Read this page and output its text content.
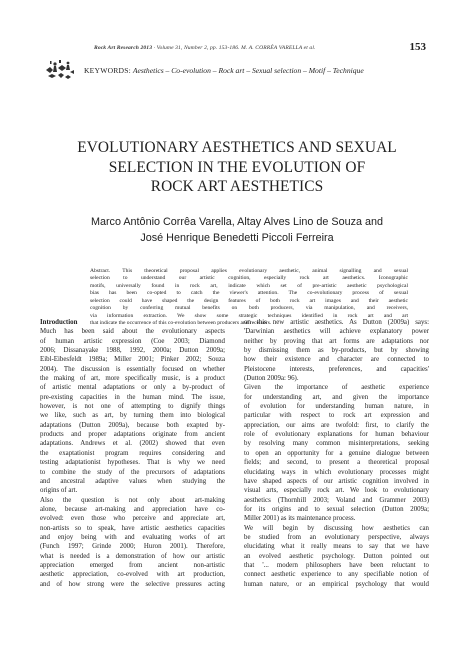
Rock Art Research 2013 · Volume 31, Number 2, pp. 153-186. M. A. CORRÊA VARELLA et al.	153
KEYWORDS: Aesthetics – Co-evolution – Rock art – Sexual selection – Motif – Technique
EVOLUTIONARY AESTHETICS AND SEXUAL
SELECTION IN THE EVOLUTION OF
ROCK ART AESTHETICS
Marco Antônio Corrêa Varella, Altay Alves Lino de Souza and
José Henrique Benedetti Piccoli Ferreira
Abstract. This theoretical proposal applies evolutionary aesthetic, animal signalling and sexual
selection to understand our artistic cognition, especially rock art aesthetics. Iconographic
motifs, universally found in rock art, indicate which set of pre-artistic aesthetic psychological
bias has been co-opted to catch the viewer's attention. The co-evolutionary process of sexual
selection could have shaped the design features of both rock art images and their aesthetic
cognition by conferring mutual benefits on both producers, via manipulation, and receivers,
via information extraction. We show some strategic techniques identified in rock art and art
that indicate the occurrence of this co-evolution between producers and receivers.
Introduction
Much has been said about the evolutionary aspects
of human artistic expression (Coe 2003; Diamond
2006; Dissanayake 1988, 1992, 2000a; Dutton 2009a;
Eibl-Eibesfeldt 1989a; Miller 2001; Pinker 2002; Souza
2004). The discussion is essentially focused on whether
the making of art, more specifically music, is a product
of artistic mental adaptations or only a by-product of
pre-existing capacities in the human mind. The issue,
however, is not one of attempting to dignify things
we like, such as art, by turning them into biological
adaptations (Dutton 2009a), because both exapted by-
products and proper adaptations originate from ancient
adaptations. Andrews et al. (2002) showed that even
the exaptationist program requires considering and
testing adaptationist hypotheses. That is why we need
to combine the study of the precursors of adaptations
and ancestral adaptive values when studying the
origins of art.
Also the question is not only about art-making
alone, because art-making and appreciation have co-
evolved: even those who perceive and appreciate art,
non-artists so to speak, have artistic aesthetics capacities
and enjoy being with and evaluating works of art
(Funch 1997; Grinde 2000; Huron 2001). Therefore,
what is needed is a demonstration of how our artistic
appreciation emerged from ancient non-artistic
aesthetic appreciation, co-evolved with art production,
and of how strong were the selective pressures acting
on this new artistic aesthetics. As Dutton (2009a) says:
'Darwinian aesthetics will achieve explanatory power
neither by proving that art forms are adaptations nor
by dismissing them as by-products, but by showing
how their existence and character are connected to
Pleistocene interests, preferences, and capacities'
(Dutton 2009a: 96).
Given the importance of aesthetic experience
for understanding art, and given the importance
of evolution for understanding human nature, in
particular with respect to rock art expression and
appreciation, our aims are twofold: first, to clarify the
role of evolutionary explanations for human behaviour
by resolving many common misinterpretations, seeking
to open an opportunity for a genuine dialogue between
fields; and second, to present a theoretical proposal
elucidating ways in which evolutionary processes might
have shaped aspects of our artistic cognition involved in
visual arts, especially rock art. We look to evolutionary
aesthetics (Thornhill 2003; Voland and Grammer 2003)
for its origins and to sexual selection (Dutton 2009a;
Miller 2001) as its maintenance process.
We will begin by discussing how aesthetics can
be studied from an evolutionary perspective, always
elucidating what it really means to say that we have
an evolved aesthetic psychology. Dutton pointed out
that '... modern philosophers have been reluctant to
connect aesthetic experience to any specifiable notion of
human nature, or an empirical psychology that would
